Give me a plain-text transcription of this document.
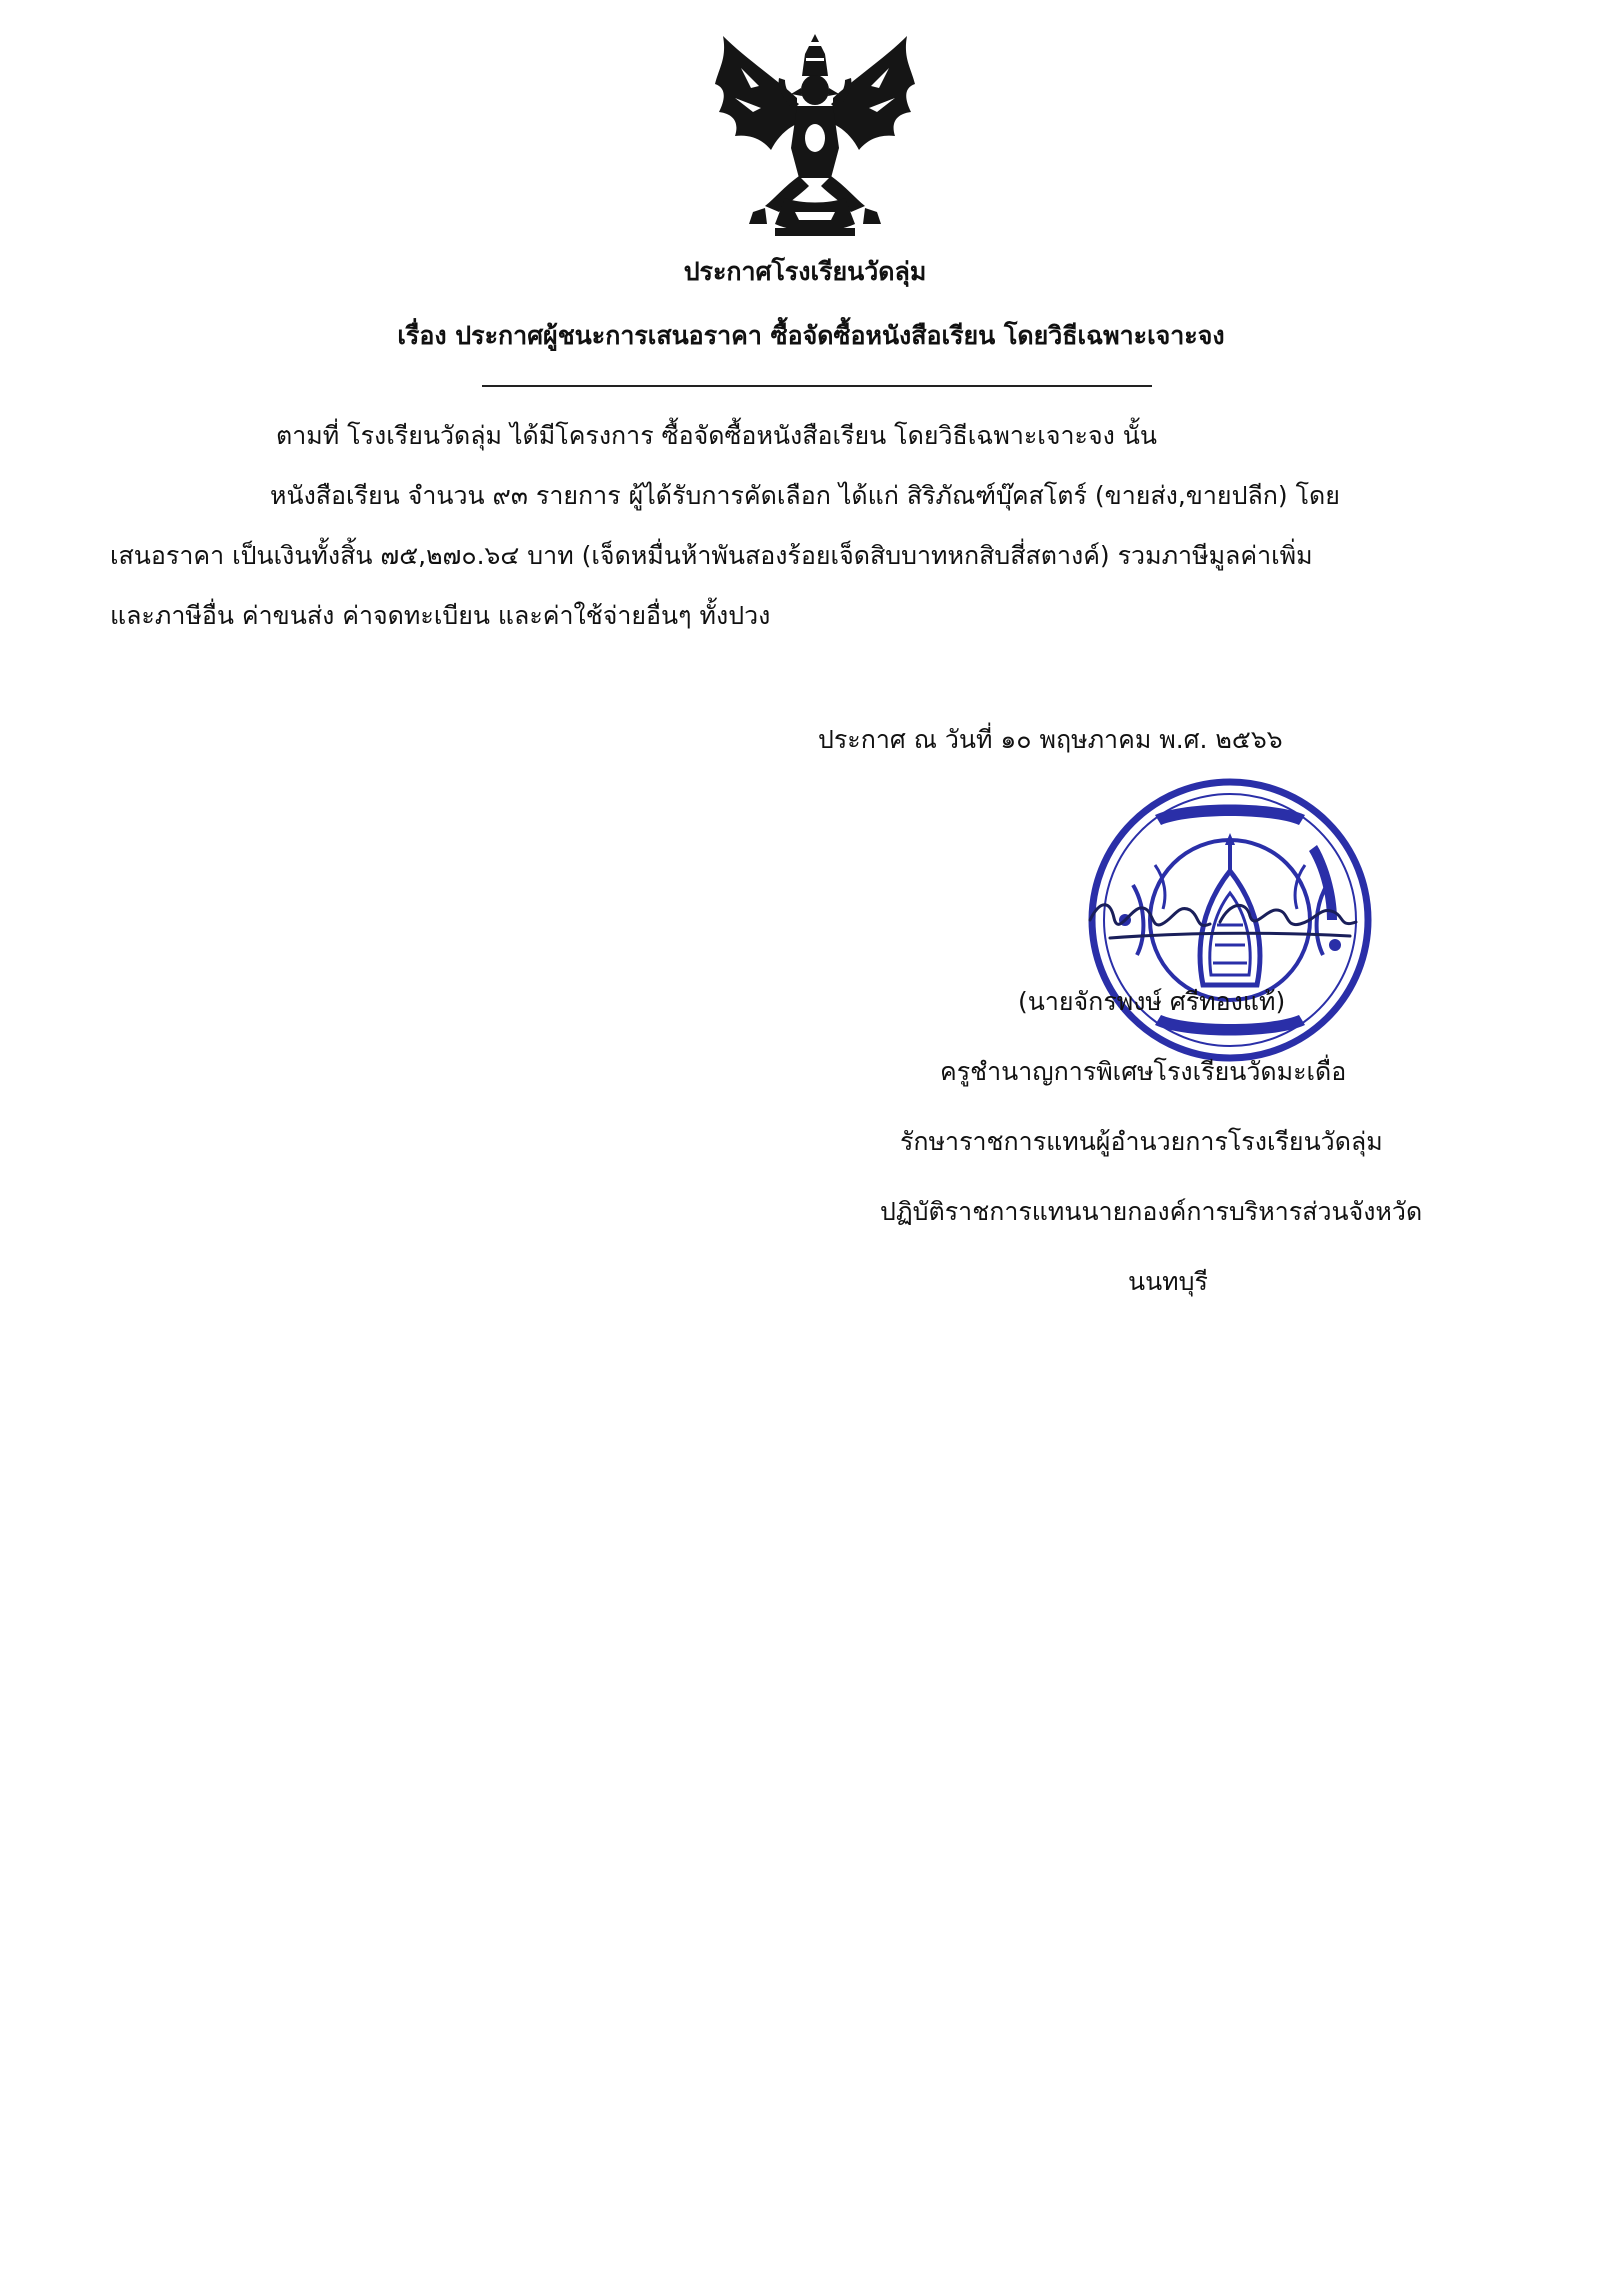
ประกาศโรงเรียนวัดลุ่ม
เรื่อง ประกาศผู้ชนะการเสนอราคา ซื้อจัดซื้อหนังสือเรียน โดยวิธีเฉพาะเจาะจง
ตามที่ โรงเรียนวัดลุ่ม ได้มีโครงการ ซื้อจัดซื้อหนังสือเรียน โดยวิธีเฉพาะเจาะจง นั้น
หนังสือเรียน จำนวน ๙๓ รายการ ผู้ได้รับการคัดเลือก ได้แก่ สิริภัณฑ์บุ๊คสโตร์ (ขายส่ง,ขายปลีก) โดย
เสนอราคา เป็นเงินทั้งสิ้น ๗๕,๒๗๐.๖๔ บาท (เจ็ดหมื่นห้าพันสองร้อยเจ็ดสิบบาทหกสิบสี่สตางค์) รวมภาษีมูลค่าเพิ่ม
และภาษีอื่น ค่าขนส่ง ค่าจดทะเบียน และค่าใช้จ่ายอื่นๆ ทั้งปวง
ประกาศ ณ วันที่ ๑๐ พฤษภาคม พ.ศ. ๒๕๖๖
(นายจักรพงษ์ ศรีทองแท้)
ครูชำนาญการพิเศษโรงเรียนวัดมะเดื่อ
รักษาราชการแทนผู้อำนวยการโรงเรียนวัดลุ่ม
ปฏิบัติราชการแทนนายกองค์การบริหารส่วนจังหวัด
นนทบุรี
